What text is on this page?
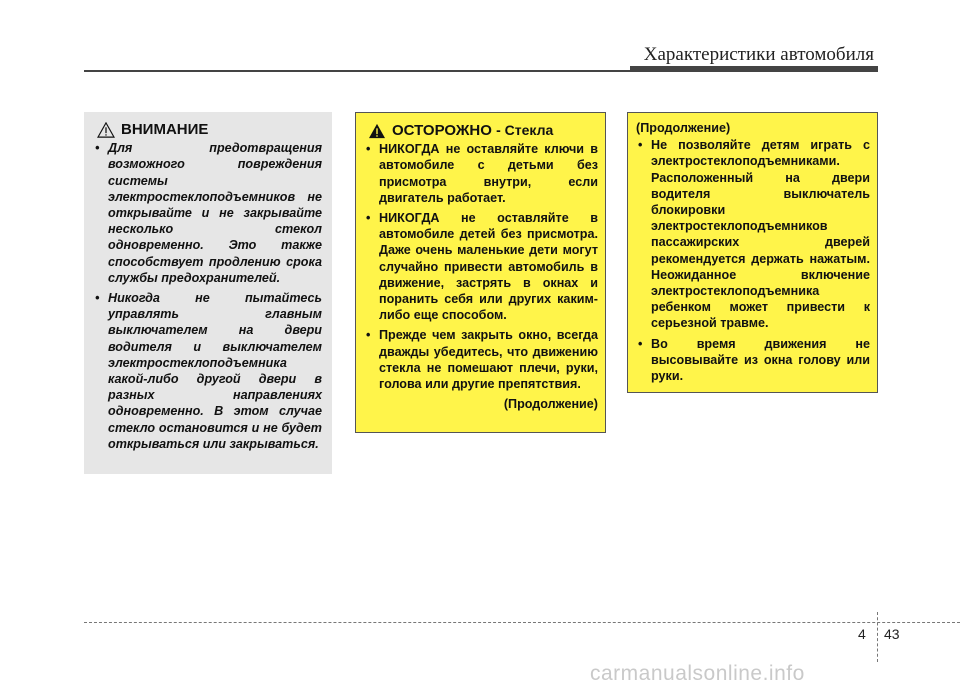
Характеристики автомобиля
ВНИМАНИЕ
• Для предотвращения возможного повреждения системы электростеклоподъемников не открывайте и не закрывайте несколько стекол одновременно. Это также способствует продлению срока службы предохранителей.
• Никогда не пытайтесь управлять главным выключателем на двери водителя и выключателем электростеклоподъемника какой-либо другой двери в разных направлениях одновременно. В этом случае стекло остановится и не будет открываться или закрываться.
ОСТОРОЖНО - Стекла
• НИКОГДА не оставляйте ключи в автомобиле с детьми без присмотра внутри, если двигатель работает.
• НИКОГДА не оставляйте в автомобиле детей без присмотра. Даже очень маленькие дети могут случайно привести автомобиль в движение, застрять в окнах и поранить себя или других каким-либо еще способом.
• Прежде чем закрыть окно, всегда дважды убедитесь, что движению стекла не помешают плечи, руки, голова или другие препятствия.
(Продолжение)
(Продолжение)
• Не позволяйте детям играть с электростеклоподъемниками. Расположенный на двери водителя выключатель блокировки электростеклоподъемников пассажирских дверей рекомендуется держать нажатым. Неожиданное включение электростеклоподъемника ребенком может привести к серьезной травме.
• Во время движения не высовывайте из окна голову или руки.
4 43
carmanualsonline.info
